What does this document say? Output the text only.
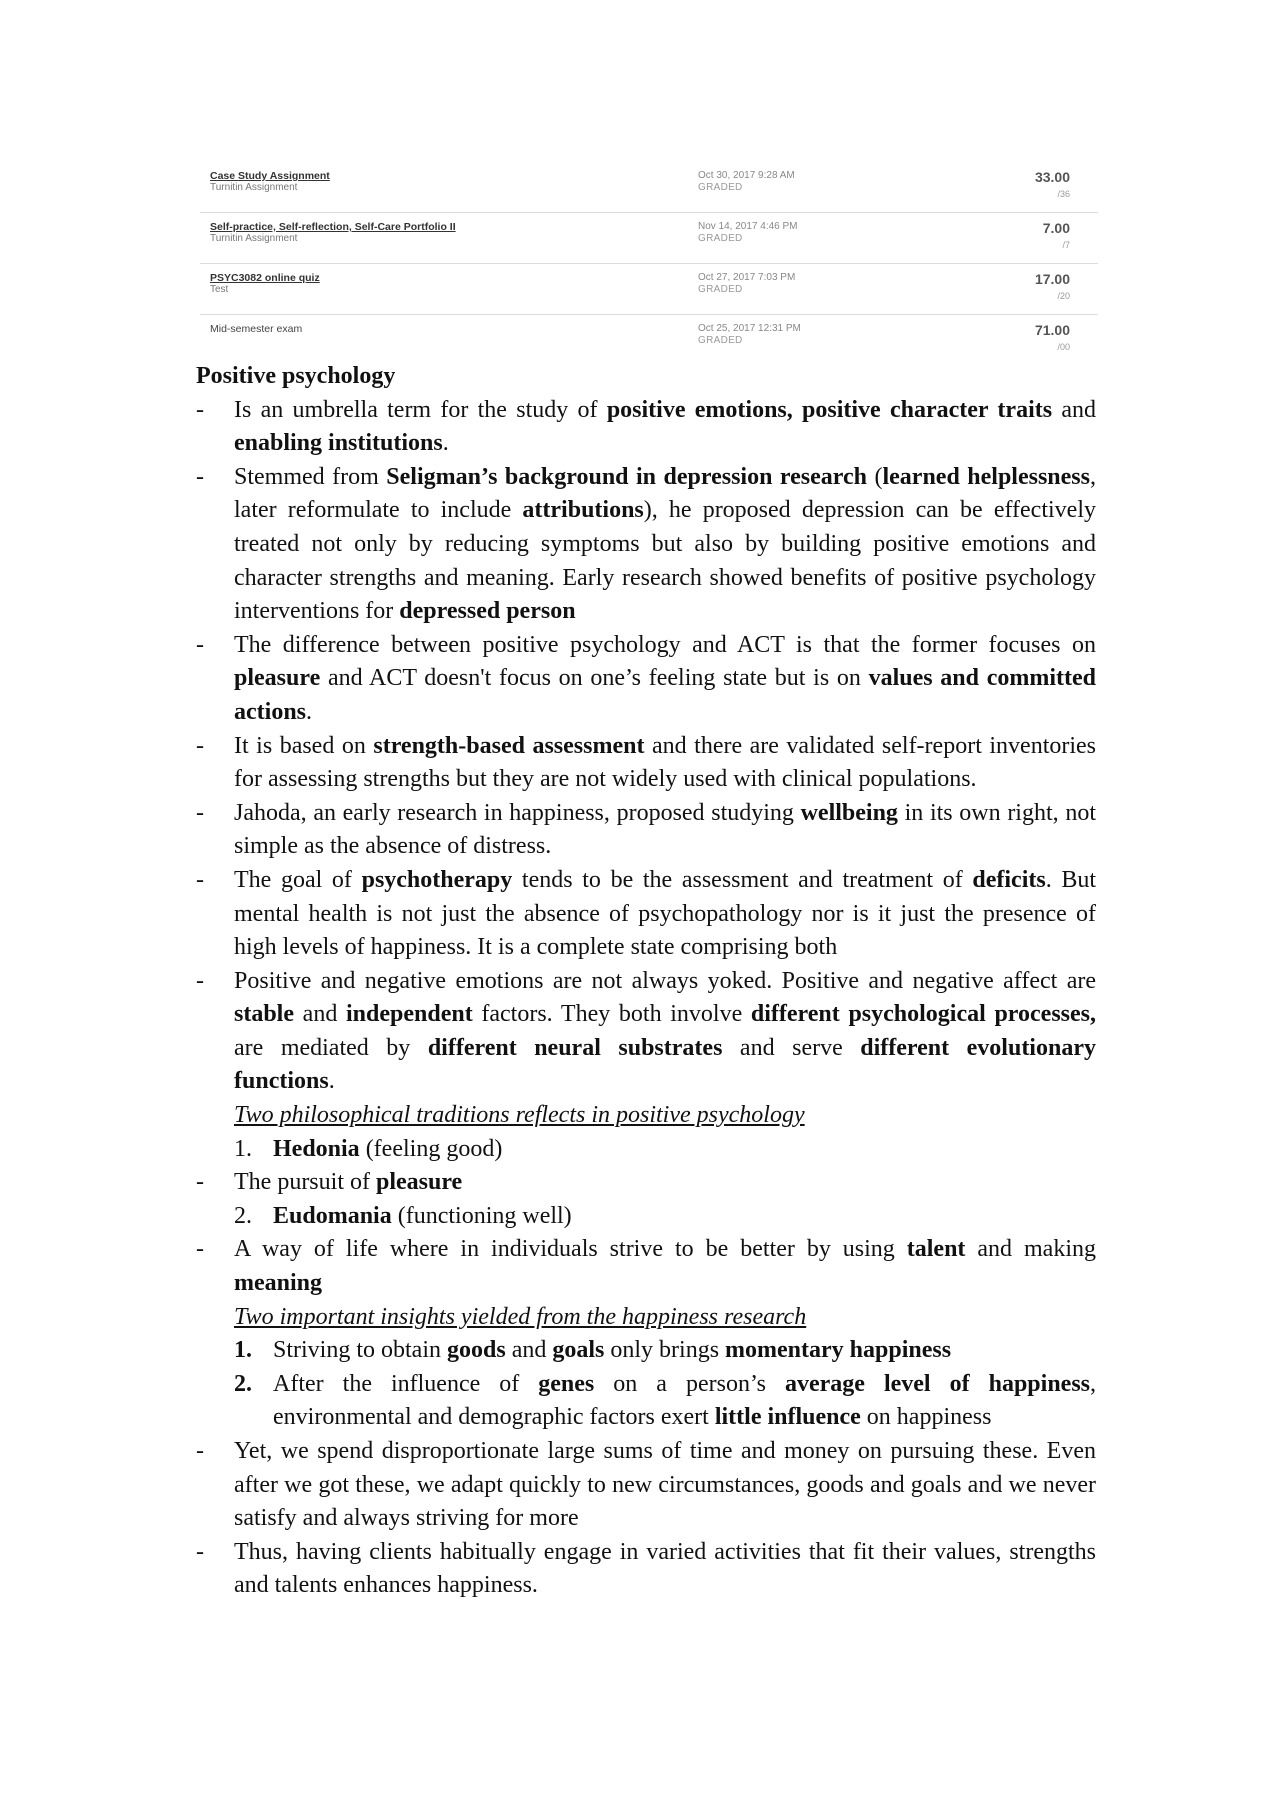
Case Study Assignment
Turnitin Assignment
Oct 30, 2017 9:28 AM
GRADED
33.00
/36
Self-practice, Self-reflection, Self-Care Portfolio II
Turnitin Assignment
Nov 14, 2017 4:46 PM
GRADED
7.00
/7
PSYC3082 online quiz
Test
Oct 27, 2017 7:03 PM
GRADED
17.00
/20
Mid-semester exam	Oct 25, 2017 12:31 PM
GRADED
71.00
/00

Positive psychology

- Is an umbrella term for the study of positive emotions, positive character traits and enabling institutions.
- Stemmed from Seligman’s background in depression research (learned helplessness, later reformulate to include attributions), he proposed depression can be effectively treated not only by reducing symptoms but also by building positive emotions and character strengths and meaning. Early research showed benefits of positive psychology interventions for depressed person
- The difference between positive psychology and ACT is that the former focuses on pleasure and ACT doesn't focus on one’s feeling state but is on values and committed actions.
- It is based on strength-based assessment and there are validated self-report inventories for assessing strengths but they are not widely used with clinical populations.
- Jahoda, an early research in happiness, proposed studying wellbeing in its own right, not simple as the absence of distress.
- The goal of psychotherapy tends to be the assessment and treatment of deficits. But mental health is not just the absence of psychopathology nor is it just the presence of high levels of happiness. It is a complete state comprising both
- Positive and negative emotions are not always yoked. Positive and negative affect are stable and independent factors. They both involve different psychological processes, are mediated by different neural substrates and serve different evolutionary functions.

Two philosophical traditions reflects in positive psychology

1. Hedonia (feeling good)
- The pursuit of pleasure
2. Eudomania (functioning well)
- A way of life where in individuals strive to be better by using talent and making meaning

Two important insights yielded from the happiness research

1. Striving to obtain goods and goals only brings momentary happiness
2. After the influence of genes on a person’s average level of happiness, environmental and demographic factors exert little influence on happiness
- Yet, we spend disproportionate large sums of time and money on pursuing these. Even after we got these, we adapt quickly to new circumstances, goods and goals and we never satisfy and always striving for more
- Thus, having clients habitually engage in varied activities that fit their values, strengths and talents enhances happiness.
